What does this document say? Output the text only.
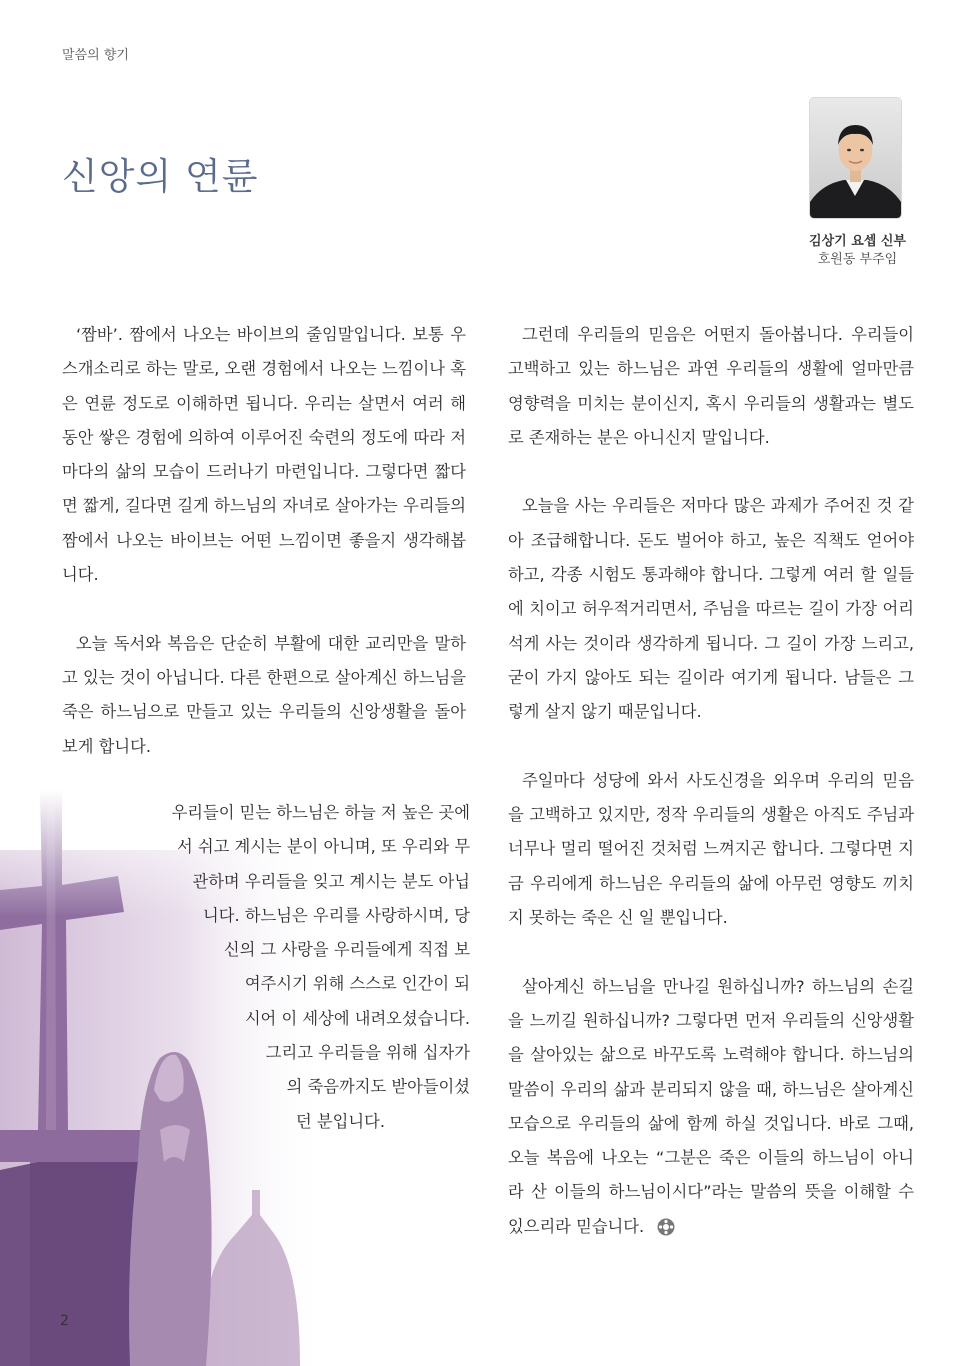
말씀의 향기
신앙의 연륜
김상기 요셉 신부
호원동 부주임

‘짬바’. 짬에서 나오는 바이브의 줄임말입니다. 보통 우스개소리로 하는 말로, 오랜 경험에서 나오는 느낌이나 혹은 연륜 정도로 이해하면 됩니다. 우리는 살면서 여러 해 동안 쌓은 경험에 의하여 이루어진 숙련의 정도에 따라 저마다의 삶의 모습이 드러나기 마련입니다. 그렇다면 짧다면 짧게, 길다면 길게 하느님의 자녀로 살아가는 우리들의 짬에서 나오는 바이브는 어떤 느낌이면 좋을지 생각해봅니다.

오늘 독서와 복음은 단순히 부활에 대한 교리만을 말하고 있는 것이 아닙니다. 다른 한편으로 살아계신 하느님을 죽은 하느님으로 만들고 있는 우리들의 신앙생활을 돌아보게 합니다.

우리들이 믿는 하느님은 하늘 저 높은 곳에
서 쉬고 계시는 분이 아니며, 또 우리와 무
관하며 우리들을 잊고 계시는 분도 아닙
니다. 하느님은 우리를 사랑하시며, 당
신의 그 사랑을 우리들에게 직접 보
여주시기 위해 스스로 인간이 되
시어 이 세상에 내려오셨습니다.
그리고 우리들을 위해 십자가
의 죽음까지도 받아들이셨
던 분입니다.

그런데 우리들의 믿음은 어떤지 돌아봅니다. 우리들이 고백하고 있는 하느님은 과연 우리들의 생활에 얼마만큼 영향력을 미치는 분이신지, 혹시 우리들의 생활과는 별도로 존재하는 분은 아니신지 말입니다.

오늘을 사는 우리들은 저마다 많은 과제가 주어진 것 같아 조급해합니다. 돈도 벌어야 하고, 높은 직책도 얻어야 하고, 각종 시험도 통과해야 합니다. 그렇게 여러 할 일들에 치이고 허우적거리면서, 주님을 따르는 길이 가장 어리석게 사는 것이라 생각하게 됩니다. 그 길이 가장 느리고, 굳이 가지 않아도 되는 길이라 여기게 됩니다. 남들은 그렇게 살지 않기 때문입니다.

주일마다 성당에 와서 사도신경을 외우며 우리의 믿음을 고백하고 있지만, 정작 우리들의 생활은 아직도 주님과 너무나 멀리 떨어진 것처럼 느껴지곤 합니다. 그렇다면 지금 우리에게 하느님은 우리들의 삶에 아무런 영향도 끼치지 못하는 죽은 신 일 뿐입니다.

살아계신 하느님을 만나길 원하십니까? 하느님의 손길을 느끼길 원하십니까? 그렇다면 먼저 우리들의 신앙생활을 살아있는 삶으로 바꾸도록 노력해야 합니다. 하느님의 말씀이 우리의 삶과 분리되지 않을 때, 하느님은 살아계신 모습으로 우리들의 삶에 함께 하실 것입니다. 바로 그때, 오늘 복음에 나오는 “그분은 죽은 이들의 하느님이 아니라 산 이들의 하느님이시다”라는 말씀의 뜻을 이해할 수 있으리라 믿습니다.

2
